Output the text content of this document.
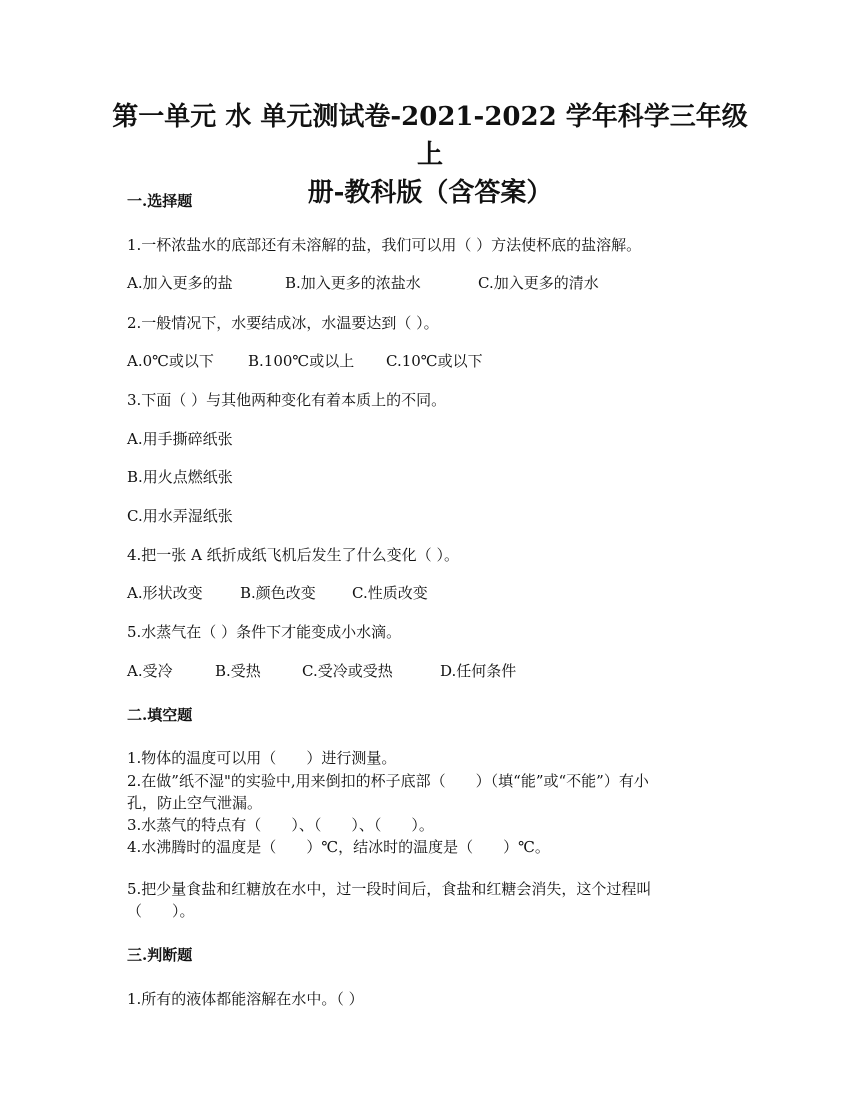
第一单元 水 单元测试卷-2021-2022 学年科学三年级上
册-教科版（含答案）
一.选择题
1.一杯浓盐水的底部还有未溶解的盐，我们可以用（ ）方法使杯底的盐溶解。
A.加入更多的盐	B.加入更多的浓盐水	C.加入更多的清水
2.一般情况下，水要结成冰，水温要达到（ ）。
A.0℃或以下 B.100℃或以上 C.10℃或以下
3.下面（ ）与其他两种变化有着本质上的不同。
A.用手撕碎纸张
B.用火点燃纸张
C.用水弄湿纸张
4.把一张 A 纸折成纸飞机后发生了什么变化（ ）。
A.形状改变 B.颜色改变 C.性质改变
5.水蒸气在（ ）条件下才能变成小水滴。
A.受冷	B.受热	C.受冷或受热	D.任何条件
二.填空题
1.物体的温度可以用（　　）进行测量。
2.在做”纸不湿"的实验中,用来倒扣的杯子底部（　　）（填“能”或“不能”）有小
孔，防止空气泄漏。
3.水蒸气的特点有（　　）、（　　）、（　　）。
4.水沸腾时的温度是（　　）℃，结冰时的温度是（　　）℃。
5.把少量食盐和红糖放在水中，过一段时间后，食盐和红糖会消失，这个过程叫
（　　）。
三.判断题
1.所有的液体都能溶解在水中。（ ）
